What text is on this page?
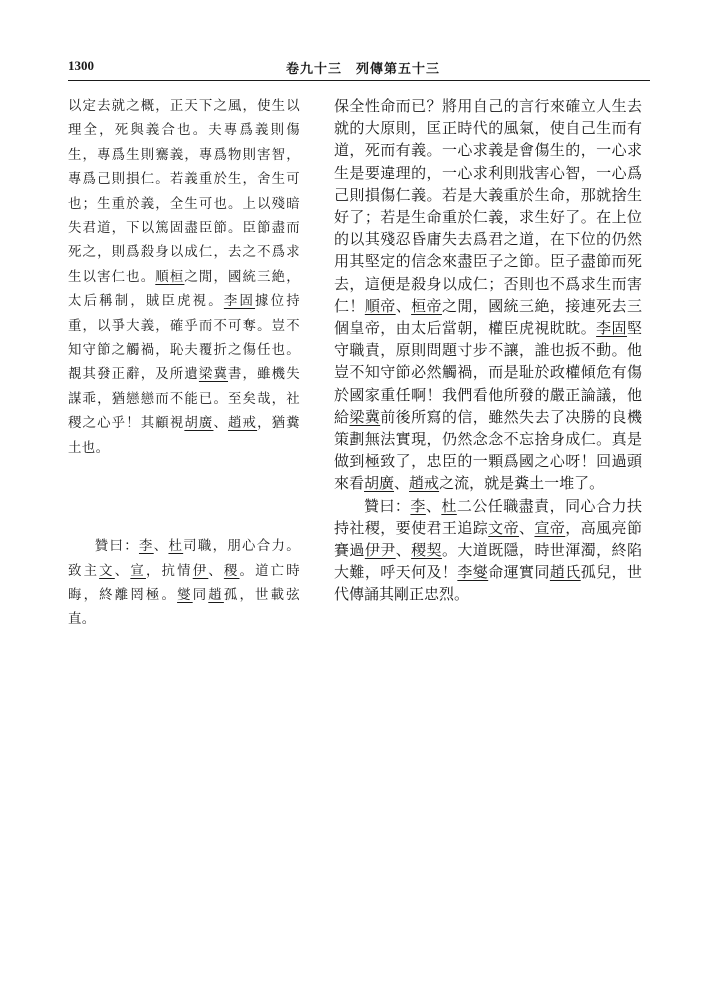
1300	卷九十三　列傳第五十三

以定去就之概，正天下之風，使生以理全，死與義合也。夫專爲義則傷生，專爲生則騫義，專爲物則害智，專爲己則損仁。若義重於生，舍生可也；生重於義，全生可也。上以殘暗失君道，下以篤固盡臣節。臣節盡而死之，則爲殺身以成仁，去之不爲求生以害仁也。順桓之閒，國統三絶，太后稱制，賊臣虎視。李固據位持重，以爭大義，確乎而不可奪。豈不知守節之觸禍，恥夫覆折之傷任也。覩其發正辭，及所遺梁冀書，雖機失謀乖，猶戀戀而不能已。至矣哉，社稷之心乎！其顧視胡廣、趙戒，猶糞土也。

贊曰：李、杜司職，朋心合力。致主文、宣，抗情伊、稷。道亡時晦，終離罔極。燮同趙孤，世載弦直。

保全性命而已？將用自己的言行來確立人生去就的大原則，匡正時代的風氣，使自己生而有道，死而有義。一心求義是會傷生的，一心求生是要違理的，一心求利則戕害心智，一心爲己則損傷仁義。若是大義重於生命，那就捨生好了；若是生命重於仁義，求生好了。在上位的以其殘忍昏庸失去爲君之道，在下位的仍然用其堅定的信念來盡臣子之節。臣子盡節而死去，這便是殺身以成仁；否則也不爲求生而害仁！順帝、桓帝之閒，國統三絶，接連死去三個皇帝，由太后當朝，權臣虎視眈眈。李固堅守職責，原則問題寸步不讓，誰也扳不動。他豈不知守節必然觸禍，而是耻於政權傾危有傷於國家重任啊！我們看他所發的嚴正論議，他給梁冀前後所寫的信，雖然失去了决勝的良機策劃無法實現，仍然念念不忘捨身成仁。真是做到極致了，忠臣的一顆爲國之心呀！回過頭來看胡廣、趙戒之流，就是糞土一堆了。

贊曰：李、杜二公任職盡責，同心合力扶持社稷，要使君王追踪文帝、宣帝，高風亮節賽過伊尹、稷契。大道既隱，時世渾濁，終陷大難，呼天何及！李燮命運實同趙氏孤兒，世代傳誦其剛正忠烈。
